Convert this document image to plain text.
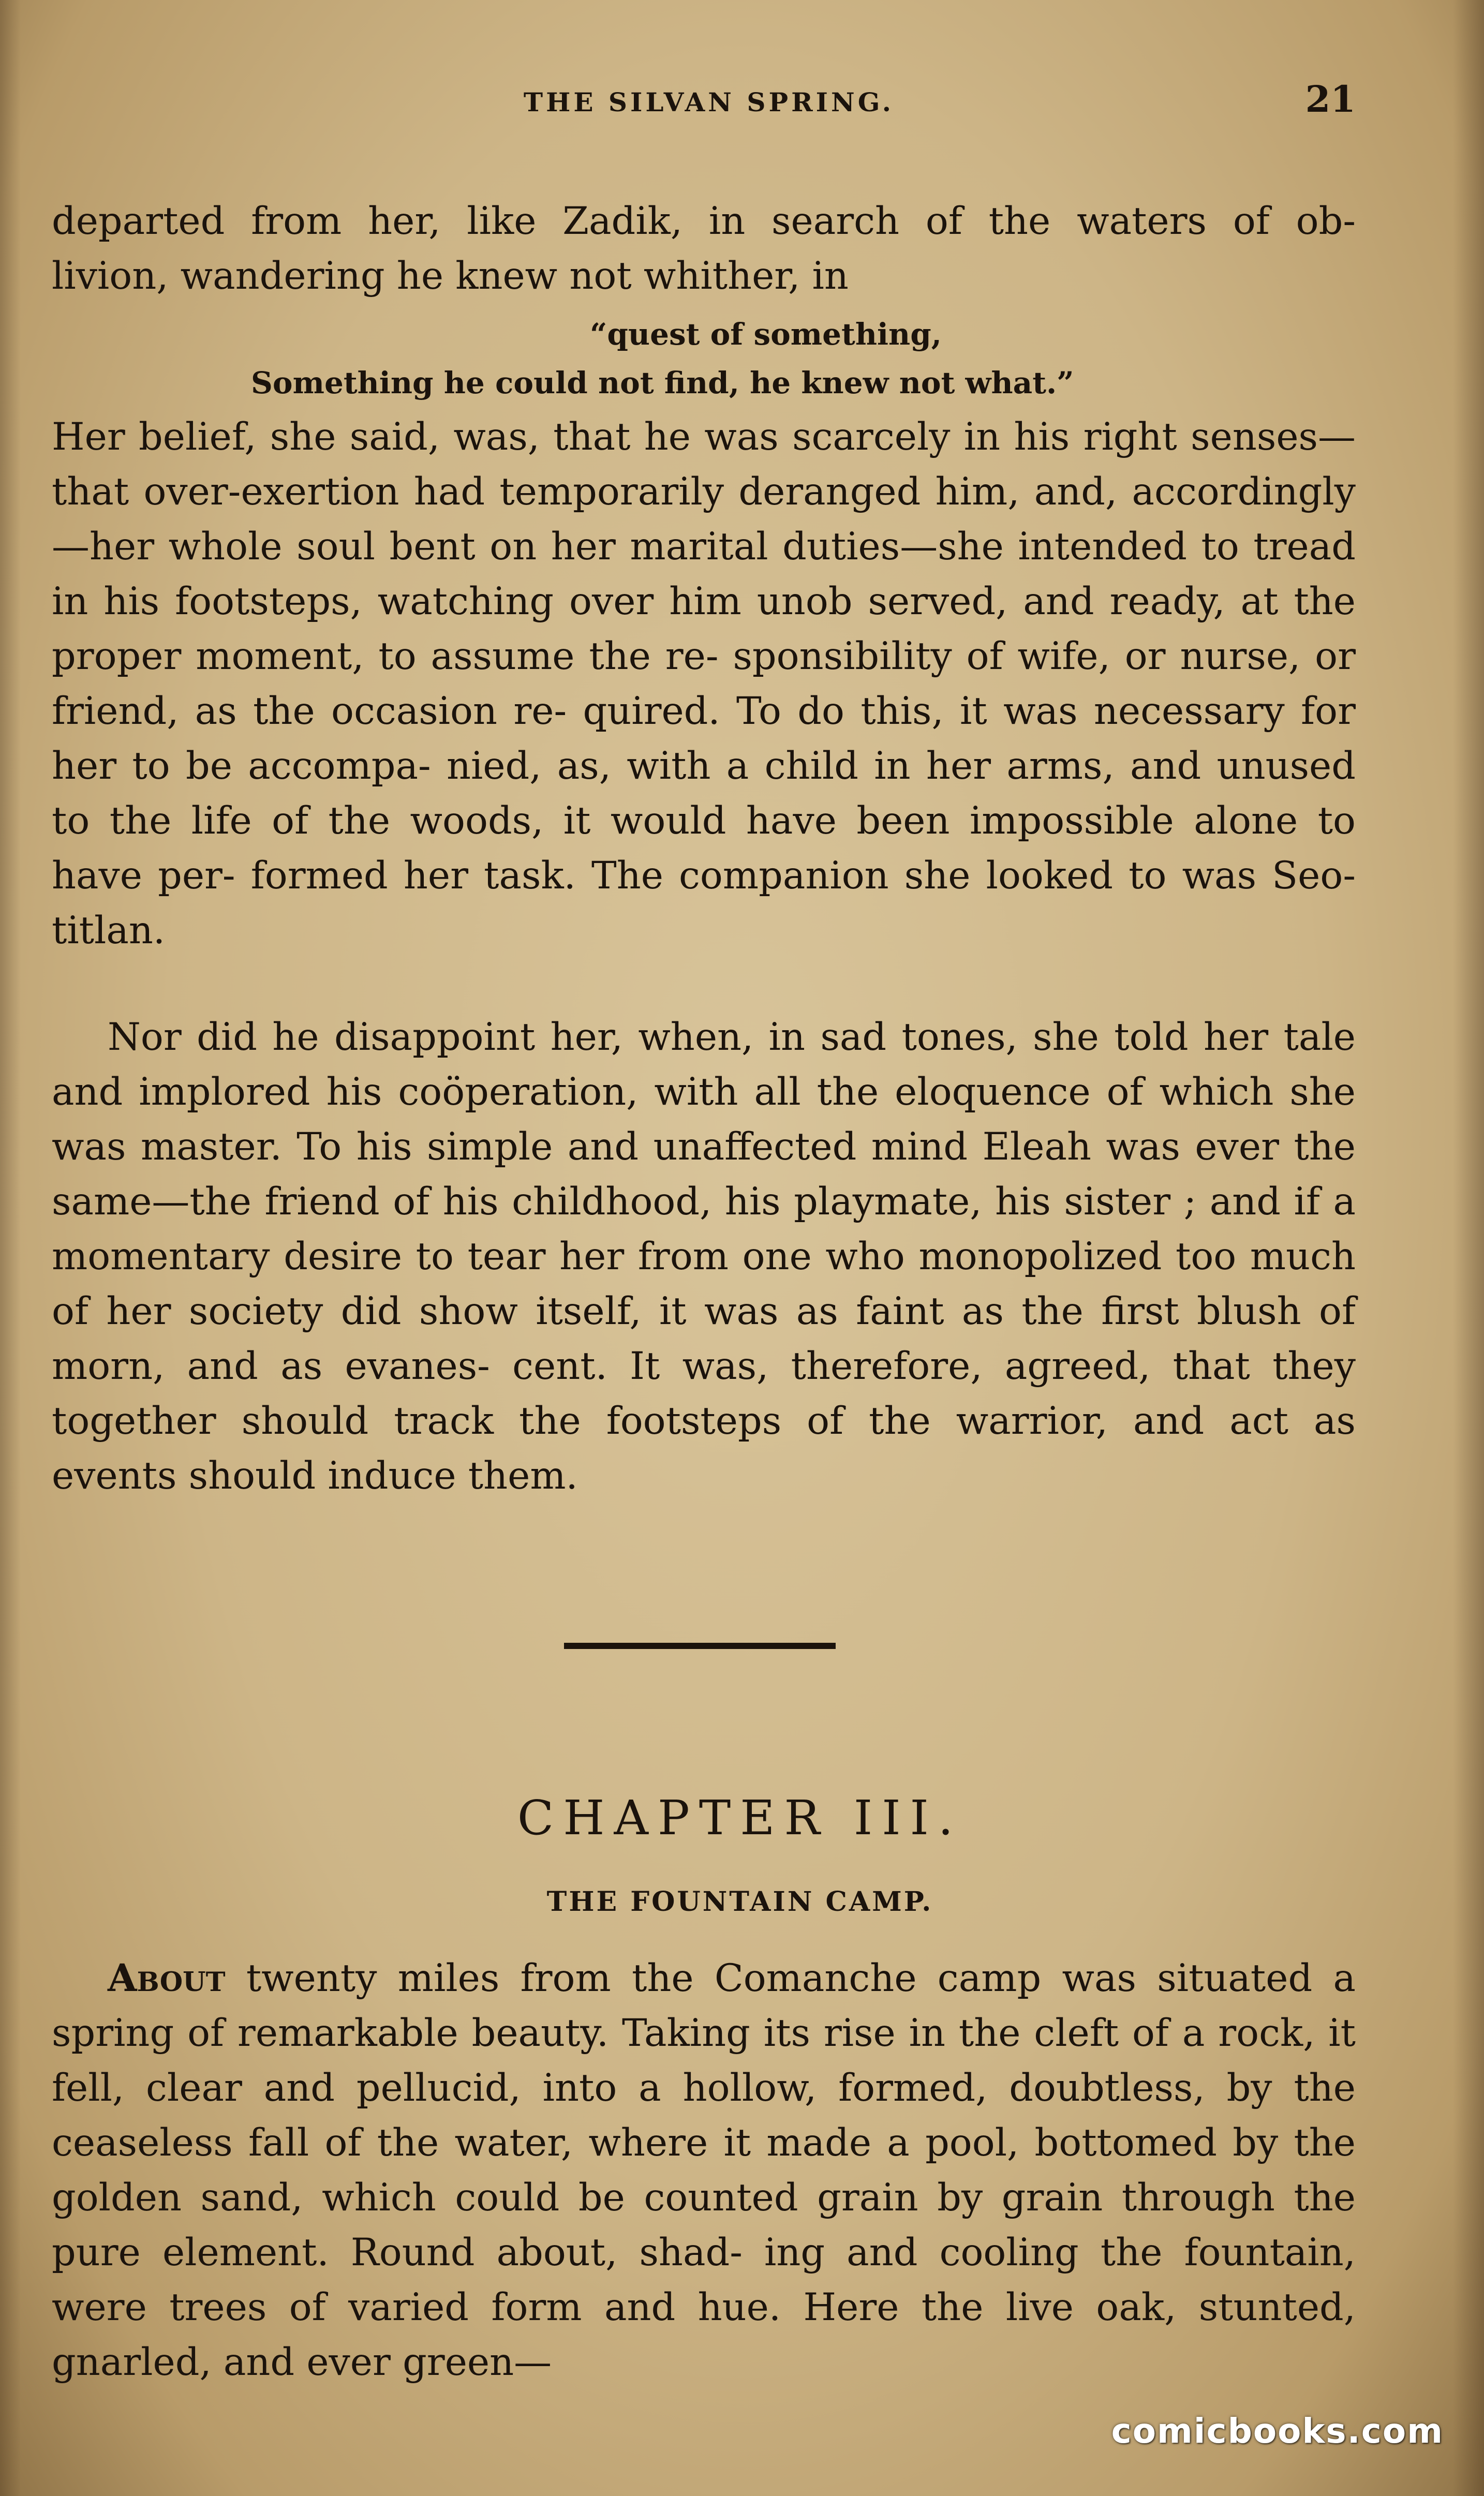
THE SILVAN SPRING.	21
departed from her, like Zadik, in search of the waters of ob-
livion, wandering he knew not whither, in
“quest of something,
Something he could not find, he knew not what.”

Her belief, she said, was, that he was scarcely in his right senses—that over-exertion had temporarily deranged him, and, accordingly—her whole soul bent on her marital duties—she intended to tread in his footsteps, watching over him unob served, and ready, at the proper moment, to assume the re- sponsibility of wife, or nurse, or friend, as the occasion re- quired. To do this, it was necessary for her to be accompa- nied, as, with a child in her arms, and unused to the life of the woods, it would have been impossible alone to have per- formed her task. The companion she looked to was Seo- titlan.

Nor did he disappoint her, when, in sad tones, she told her tale and implored his coöperation, with all the eloquence of which she was master. To his simple and unaffected mind Eleah was ever the same—the friend of his childhood, his playmate, his sister ; and if a momentary desire to tear her from one who monopolized too much of her society did show itself, it was as faint as the first blush of morn, and as evanes- cent. It was, therefore, agreed, that they together should track the footsteps of the warrior, and act as events should induce them.

CHAPTER III.
THE FOUNTAIN CAMP.

About twenty miles from the Comanche camp was situated a spring of remarkable beauty. Taking its rise in the cleft of a rock, it fell, clear and pellucid, into a hollow, formed, doubtless, by the ceaseless fall of the water, where it made a pool, bottomed by the golden sand, which could be counted grain by grain through the pure element. Round about, shad- ing and cooling the fountain, were trees of varied form and hue. Here the live oak, stunted, gnarled, and ever green—

comicbooks.com
